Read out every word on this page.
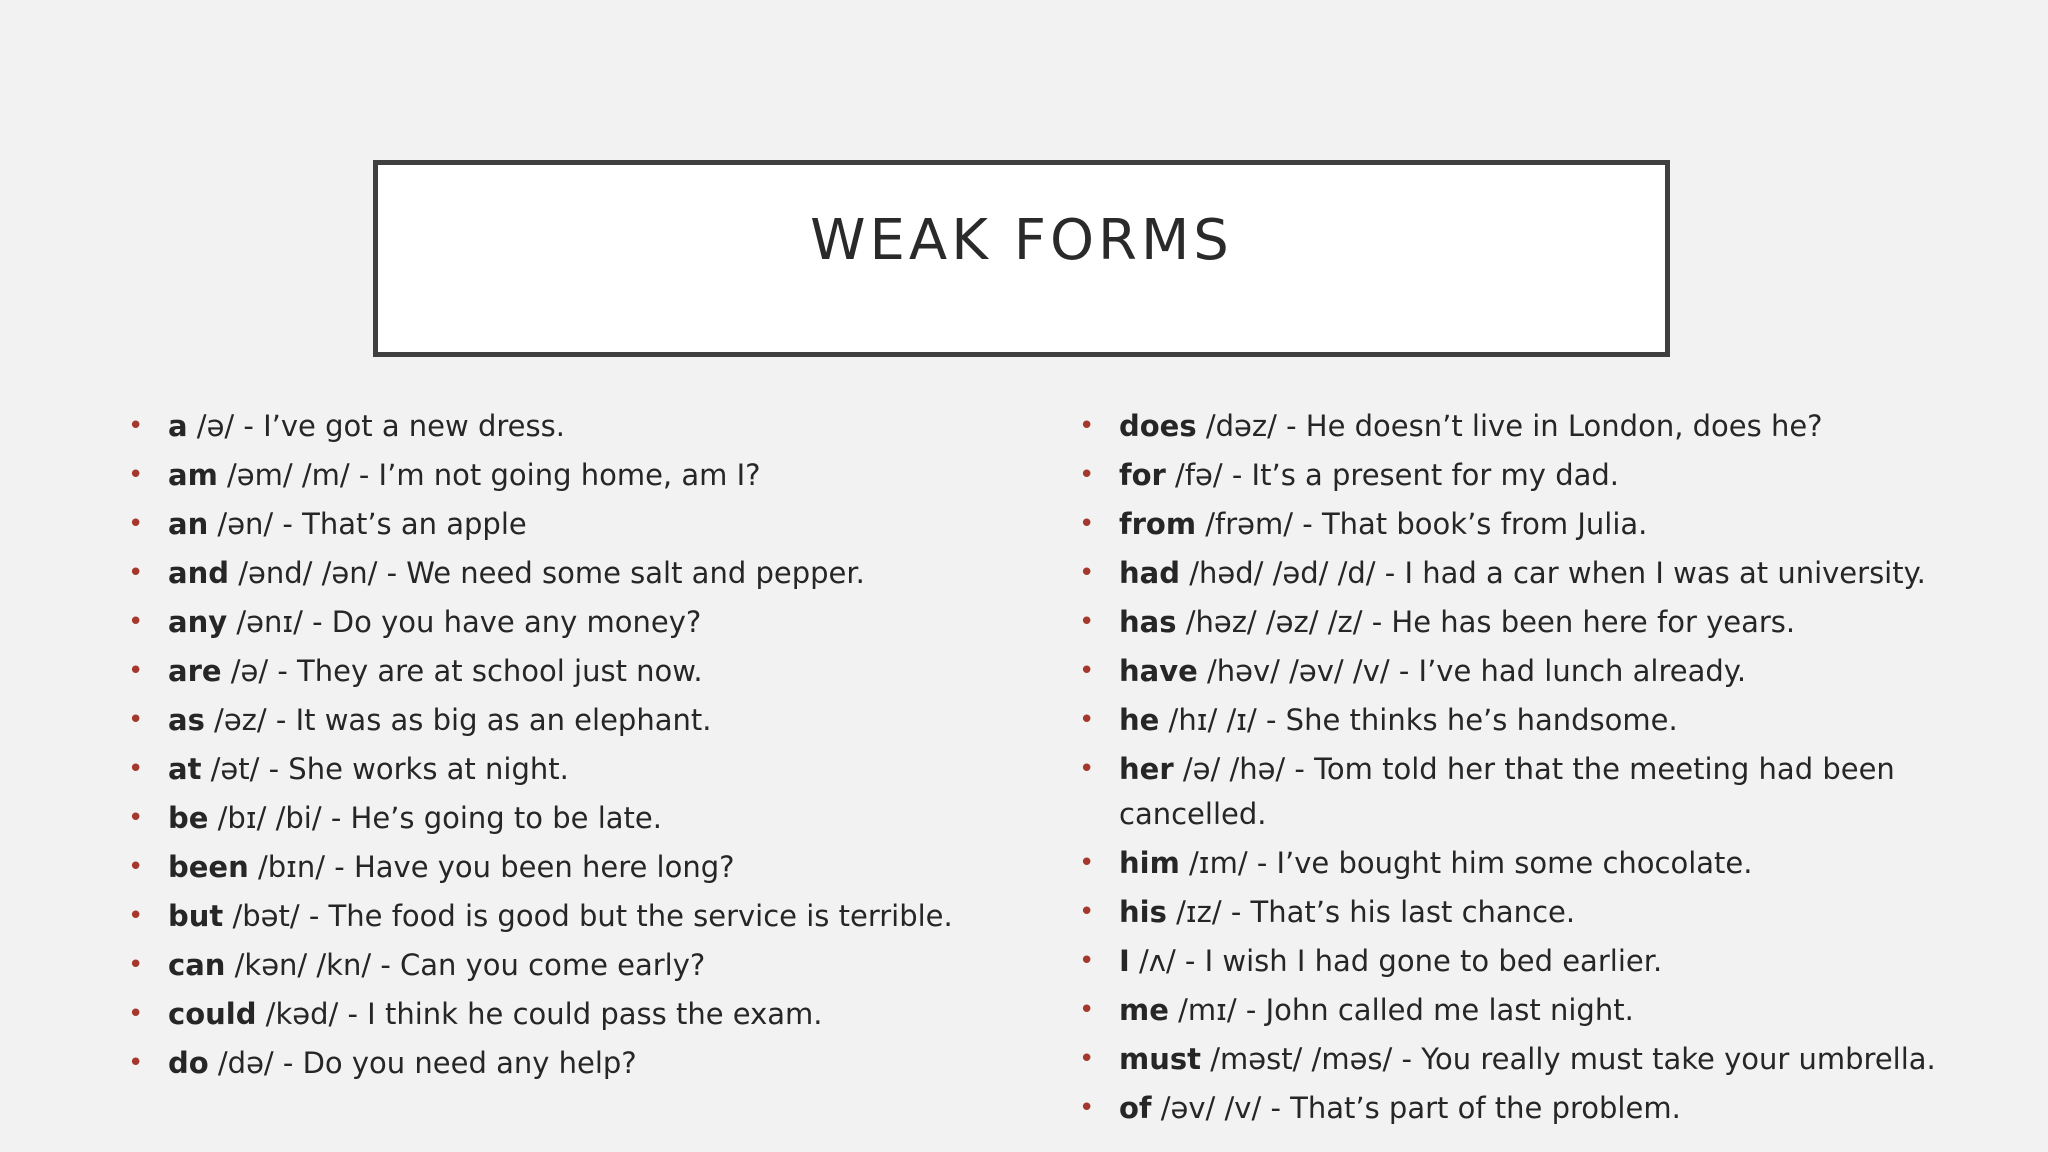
WEAK FORMS
• a /ə/ - I’ve got a new dress.
• am /əm/ /m/ - I’m not going home, am I?
• an /ən/ - That’s an apple
• and /ənd/ /ən/ - We need some salt and pepper.
• any /ənɪ/ - Do you have any money?
• are /ə/ - They are at school just now.
• as /əz/ - It was as big as an elephant.
• at /ət/ - She works at night.
• be /bɪ/ /bi/ - He’s going to be late.
• been /bɪn/ - Have you been here long?
• but /bət/ - The food is good but the service is terrible.
• can /kən/ /kn/ - Can you come early?
• could /kəd/ - I think he could pass the exam.
• do /də/ - Do you need any help?
• does /dəz/ - He doesn’t live in London, does he?
• for /fə/ - It’s a present for my dad.
• from /frəm/ - That book’s from Julia.
• had /həd/ /əd/ /d/ - I had a car when I was at university.
• has /həz/ /əz/ /z/ - He has been here for years.
• have /həv/ /əv/ /v/ - I’ve had lunch already.
• he /hɪ/ /ɪ/ - She thinks he’s handsome.
• her /ə/ /hə/ - Tom told her that the meeting had been cancelled.
• him /ɪm/ - I’ve bought him some chocolate.
• his /ɪz/ - That’s his last chance.
• I /ʌ/ - I wish I had gone to bed earlier.
• me /mɪ/ - John called me last night.
• must /məst/ /məs/ - You really must take your umbrella.
• of /əv/ /v/ - That’s part of the problem.
